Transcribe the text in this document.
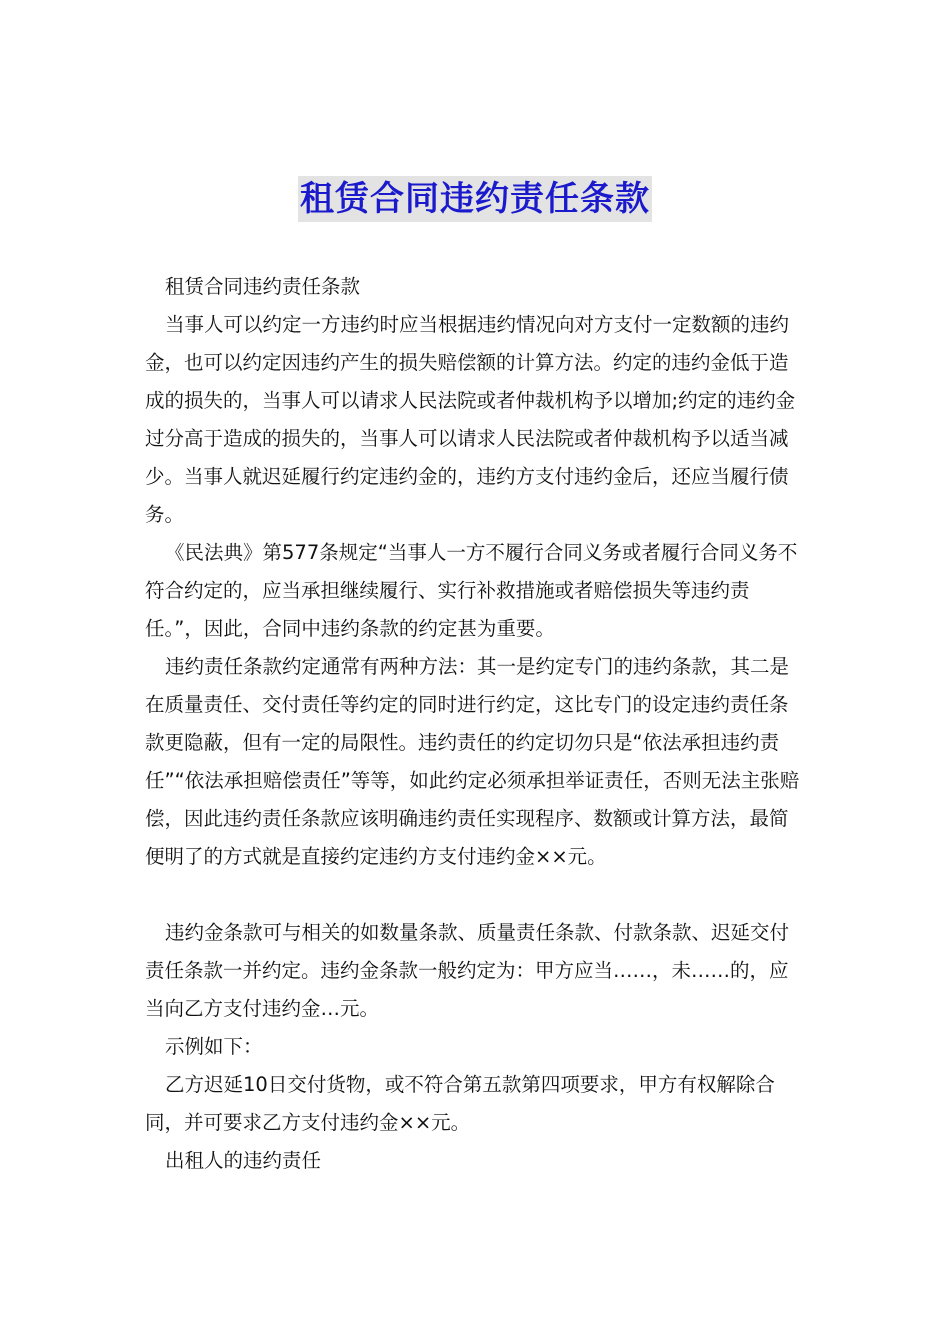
租赁合同违约责任条款

租赁合同违约责任条款

当事人可以约定一方违约时应当根据违约情况向对方支付一定数额的违约金，也可以约定因违约产生的损失赔偿额的计算方法。约定的违约金低于造成的损失的，当事人可以请求人民法院或者仲裁机构予以增加;约定的违约金过分高于造成的损失的，当事人可以请求人民法院或者仲裁机构予以适当减少。当事人就迟延履行约定违约金的，违约方支付违约金后，还应当履行债务。

《民法典》第577条规定“当事人一方不履行合同义务或者履行合同义务不符合约定的，应当承担继续履行、实行补救措施或者赔偿损失等违约责任。”，因此，合同中违约条款的约定甚为重要。

违约责任条款约定通常有两种方法：其一是约定专门的违约条款，其二是在质量责任、交付责任等约定的同时进行约定，这比专门的设定违约责任条款更隐蔽，但有一定的局限性。违约责任的约定切勿只是“依法承担违约责任”“依法承担赔偿责任”等等，如此约定必须承担举证责任，否则无法主张赔偿，因此违约责任条款应该明确违约责任实现程序、数额或计算方法，最简便明了的方式就是直接约定违约方支付违约金××元。

违约金条款可与相关的如数量条款、质量责任条款、付款条款、迟延交付责任条款一并约定。违约金条款一般约定为：甲方应当……，未……的，应当向乙方支付违约金…元。

示例如下：

乙方迟延10日交付货物，或不符合第五款第四项要求，甲方有权解除合同，并可要求乙方支付违约金××元。

出租人的违约责任
